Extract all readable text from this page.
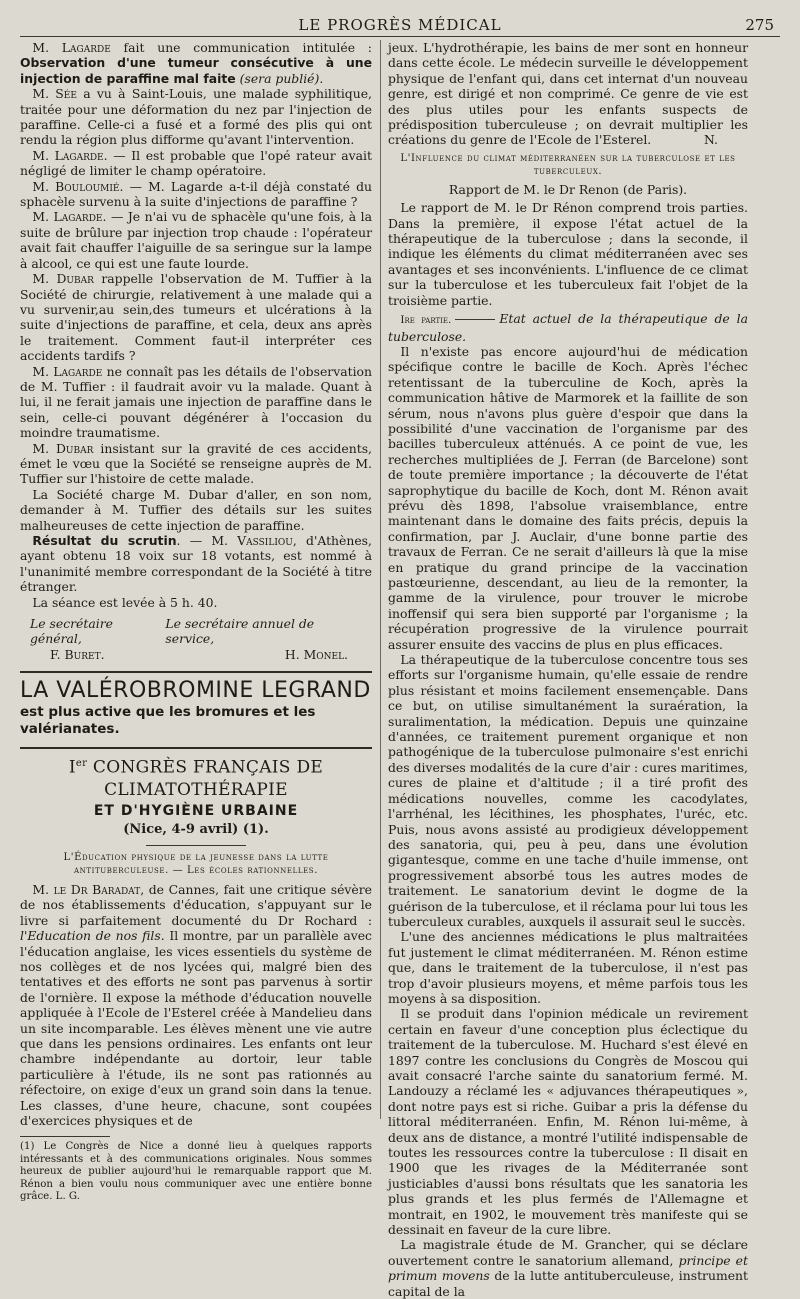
LE PROGRÈS MÉDICAL	275

M. Lagarde fait une communication intitulée : Observation d'une tumeur consécutive à une injection de paraffine mal faite (sera publié).

M. Sée a vu à Saint-Louis, une malade syphilitique, traitée pour une déformation du nez par l'injection de paraffine. Celle-ci a fusé et a formé des plis qui ont rendu la région plus difforme qu'avant l'intervention.

M. Lagarde. — Il est probable que l'opé rateur avait négligé de limiter le champ opératoire.

M. Bouloumié. — M. Lagarde a-t-il déjà constaté du sphacèle survenu à la suite d'injections de paraffine ?

M. Lagarde. — Je n'ai vu de sphacèle qu'une fois, à la suite de brûlure par injection trop chaude : l'opérateur avait fait chauffer l'aiguille de sa seringue sur la lampe à alcool, ce qui est une faute lourde.

M. Dubar rappelle l'observation de M. Tuffier à la Société de chirurgie, relativement à une malade qui a vu survenir,au sein,des tumeurs et ulcérations à la suite d'injections de paraffine, et cela, deux ans après le traitement. Comment faut-il interpréter ces accidents tardifs ?

M. Lagarde ne connaît pas les détails de l'observation de M. Tuffier : il faudrait avoir vu la malade. Quant à lui, il ne ferait jamais une injection de paraffine dans le sein, celle-ci pouvant dégénérer à l'occasion du moindre traumatisme.

M. Dubar insistant sur la gravité de ces accidents, émet le vœu que la Société se renseigne auprès de M. Tuffier sur l'histoire de cette malade.

La Société charge M. Dubar d'aller, en son nom, demander à M. Tuffier des détails sur les suites malheureuses de cette injection de paraffine.

Résultat du scrutin. — M. Vassiliou, d'Athènes, ayant obtenu 18 voix sur 18 votants, est nommé à l'unanimité membre correspondant de la Société à titre étranger.

La séance est levée à 5 h. 40.

Le secrétaire général,
Le secrétaire annuel de service,
F. Buret.	H. Monel.
LA VALÉROBROMINE LEGRAND
est plus active que les bromures et les valérianates.
Ier CONGRÈS FRANÇAIS DE CLIMATOTHÉRAPIE
ET D'HYGIÈNE URBAINE
(Nice, 4-9 avril) (1).
L'Éducation physique de la jeunesse dans la lutte antituberculeuse. — Les écoles rationnelles.

M. le Dr Baradat, de Cannes, fait une critique sévère de nos établissements d'éducation, s'appuyant sur le livre si parfaitement documenté du Dr Rochard : l'Education de nos fils. Il montre, par un parallèle avec l'éducation anglaise, les vices essentiels du système de nos collèges et de nos lycées qui, malgré bien des tentatives et des efforts ne sont pas parvenus à sortir de l'ornière. Il expose la méthode d'éducation nouvelle appliquée à l'Ecole de l'Esterel créée à Mandelieu dans un site incomparable. Les élèves mènent une vie autre que dans les pensions ordinaires. Les enfants ont leur chambre indépendante au dortoir, leur table particulière à l'étude, ils ne sont pas rationnés au réfectoire, on exige d'eux un grand soin dans la tenue. Les classes, d'une heure, chacune, sont coupées d'exercices physiques et de

(1) Le Congrès de Nice a donné lieu à quelques rapports intéressants et à des communications originales. Nous sommes heureux de publier aujourd'hui le remarquable rapport que M. Rénon a bien voulu nous communiquer avec une entière bonne grâce. L. G.

jeux. L'hydrothérapie, les bains de mer sont en honneur dans cette école. Le médecin surveille le développement physique de l'enfant qui, dans cet internat d'un nouveau genre, est dirigé et non comprimé. Ce genre de vie est des plus utiles pour les enfants suspects de prédisposition tuberculeuse ; on devrait multiplier les créations du genre de l'Ecole de l'Esterel.	N.

L'Influence du climat méditerranéen sur la tuberculose et les tuberculeux.

Rapport de M. le Dr Renon (de Paris).

Le rapport de M. le Dr Rénon comprend trois parties. Dans la première, il expose l'état actuel de la thérapeutique de la tuberculose ; dans la seconde, il indique les éléments du climat méditerranéen avec ses avantages et ses inconvénients. L'influence de ce climat sur la tuberculose et les tuberculeux fait l'objet de la troisième partie.

Ire partie.	Etat actuel de la thérapeutique de la tuberculose.

Il n'existe pas encore aujourd'hui de médication spécifique contre le bacille de Koch. Après l'échec retentissant de la tuberculine de Koch, après la communication hâtive de Marmorek et la faillite de son sérum, nous n'avons plus guère d'espoir que dans la possibilité d'une vaccination de l'organisme par des bacilles tuberculeux atténués. A ce point de vue, les recherches multipliées de J. Ferran (de Barcelone) sont de toute première importance ; la découverte de l'état saprophytique du bacille de Koch, dont M. Rénon avait prévu dès 1898, l'absolue vraisemblance, entre maintenant dans le domaine des faits précis, depuis la confirmation, par J. Auclair, d'une bonne partie des travaux de Ferran. Ce ne serait d'ailleurs là que la mise en pratique du grand principe de la vaccination pastœurienne, descendant, au lieu de la remonter, la gamme de la virulence, pour trouver le microbe inoffensif qui sera bien supporté par l'organisme ; la récupération progressive de la virulence pourrait assurer ensuite des vaccins de plus en plus efficaces.

La thérapeutique de la tuberculose concentre tous ses efforts sur l'organisme humain, qu'elle essaie de rendre plus résistant et moins facilement ensemençable. Dans ce but, on utilise simultanément la suraération, la suralimentation, la médication. Depuis une quinzaine d'années, ce traitement purement organique et non pathogénique de la tuberculose pulmonaire s'est enrichi des diverses modalités de la cure d'air : cures maritimes, cures de plaine et d'altitude ; il a tiré profit des médications nouvelles, comme les cacodylates, l'arrhénal, les lécithines, les phosphates, l'uréc, etc. Puis, nous avons assisté au prodigieux développement des sanatoria, qui, peu à peu, dans une évolution gigantesque, comme en une tache d'huile immense, ont progressivement absorbé tous les autres modes de traitement. Le sanatorium devint le dogme de la guérison de la tuberculose, et il réclama pour lui tous les tuberculeux curables, auxquels il assurait seul le succès.

L'une des anciennes médications le plus maltraitées fut justement le climat méditerranéen. M. Rénon estime que, dans le traitement de la tuberculose, il n'est pas trop d'avoir plusieurs moyens, et même parfois tous les moyens à sa disposition.

Il se produit dans l'opinion médicale un revirement certain en faveur d'une conception plus éclectique du traitement de la tuberculose. M. Huchard s'est élevé en 1897 contre les conclusions du Congrès de Moscou qui avait consacré l'arche sainte du sanatorium fermé. M. Landouzy a réclamé les « adjuvances thérapeutiques », dont notre pays est si riche. Guibar a pris la défense du littoral méditerranéen. Enfin, M. Rénon lui-même, à deux ans de distance, a montré l'utilité indispensable de toutes les ressources contre la tuberculose : Il disait en 1900 que les rivages de la Méditerranée sont justiciables d'aussi bons résultats que les sanatoria les plus grands et les plus fermés de l'Allemagne et montrait, en 1902, le mouvement très manifeste qui se dessinait en faveur de la cure libre.

La magistrale étude de M. Grancher, qui se déclare ouvertement contre le sanatorium allemand, principe et primum movens de la lutte antituberculeuse, instrument capital de la
